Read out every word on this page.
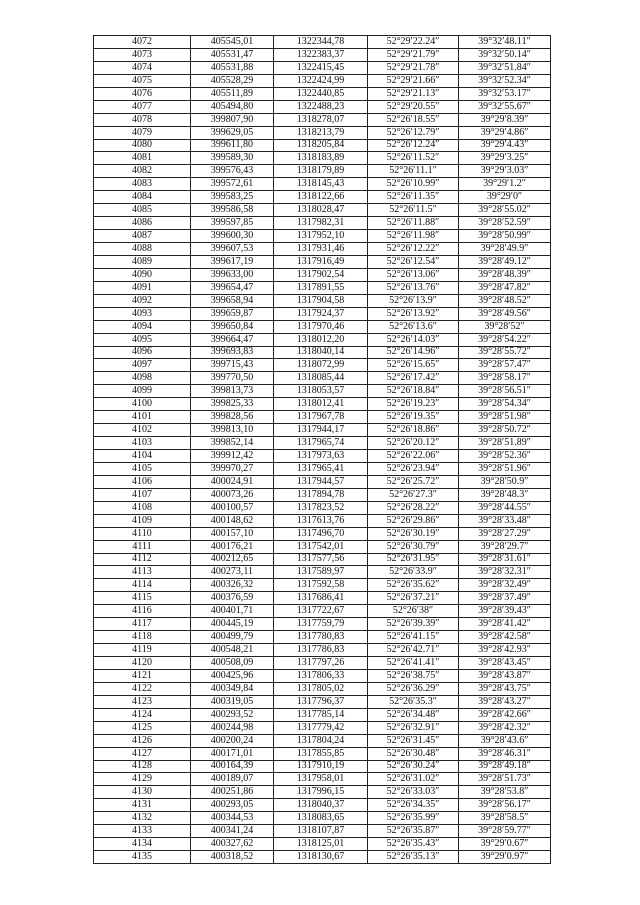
4072	405545,01	1322344,78	52°29′22.24″	39°32′48.11″
4073	405531,47	1322383,37	52°29′21.79″	39°32′50.14″
4074	405531,88	1322415,45	52°29′21.78″	39°32′51.84″
4075	405528,29	1322424,99	52°29′21.66″	39°32′52.34″
4076	405511,89	1322440,85	52°29′21.13″	39°32′53.17″
4077	405494,80	1322488,23	52°29′20.55″	39°32′55.67″
4078	399807,90	1318278,07	52°26′18.55″	39°29′8.39″
4079	399629,05	1318213,79	52°26′12.79″	39°29′4.86″
4080	399611,80	1318205,84	52°26′12.24″	39°29′4.43″
4081	399589,30	1318183,89	52°26′11.52″	39°29′3.25″
4082	399576,43	1318179,89	52°26′11.1″	39°29′3.03″
4083	399572,61	1318145,43	52°26′10.99″	39°29′1.2″
4084	399583,25	1318122,66	52°26′11.35″	39°29′0″
4085	399586,58	1318028,47	52°26′11.5″	39°28′55.02″
4086	399597,85	1317982,31	52°26′11.88″	39°28′52.59″
4087	399600,30	1317952,10	52°26′11.98″	39°28′50.99″
4088	399607,53	1317931,46	52°26′12.22″	39°28′49.9″
4089	399617,19	1317916,49	52°26′12.54″	39°28′49.12″
4090	399633,00	1317902,54	52°26′13.06″	39°28′48.39″
4091	399654,47	1317891,55	52°26′13.76″	39°28′47.82″
4092	399658,94	1317904,58	52°26′13.9″	39°28′48.52″
4093	399659,87	1317924,37	52°26′13.92″	39°28′49.56″
4094	399650,84	1317970,46	52°26′13.6″	39°28′52″
4095	399664,47	1318012,20	52°26′14.03″	39°28′54.22″
4096	399693,83	1318040,14	52°26′14.96″	39°28′55.72″
4097	399715,43	1318072,99	52°26′15.65″	39°28′57.47″
4098	399770,50	1318085,44	52°26′17.42″	39°28′58.17″
4099	399813,73	1318053,57	52°26′18.84″	39°28′56.51″
4100	399825,33	1318012,41	52°26′19.23″	39°28′54.34″
4101	399828,56	1317967,78	52°26′19.35″	39°28′51.98″
4102	399813,10	1317944,17	52°26′18.86″	39°28′50.72″
4103	399852,14	1317965,74	52°26′20.12″	39°28′51.89″
4104	399912,42	1317973,63	52°26′22.06″	39°28′52.36″
4105	399970,27	1317965,41	52°26′23.94″	39°28′51.96″
4106	400024,91	1317944,57	52°26′25.72″	39°28′50.9″
4107	400073,26	1317894,78	52°26′27.3″	39°28′48.3″
4108	400100,57	1317823,52	52°26′28.22″	39°28′44.55″
4109	400148,62	1317613,76	52°26′29.86″	39°28′33.48″
4110	400157,10	1317496,70	52°26′30.19″	39°28′27.29″
4111	400176,21	1317542,01	52°26′30.79″	39°28′29.7″
4112	400212,65	1317577,56	52°26′31.95″	39°28′31.61″
4113	400273,11	1317589,97	52°26′33.9″	39°28′32.31″
4114	400326,32	1317592,58	52°26′35.62″	39°28′32.49″
4115	400376,59	1317686,41	52°26′37.21″	39°28′37.49″
4116	400401,71	1317722,67	52°26′38″	39°28′39.43″
4117	400445,19	1317759,79	52°26′39.39″	39°28′41.42″
4118	400499,79	1317780,83	52°26′41.15″	39°28′42.58″
4119	400548,21	1317786,83	52°26′42.71″	39°28′42.93″
4120	400508,09	1317797,26	52°26′41.41″	39°28′43.45″
4121	400425,96	1317806,33	52°26′38.75″	39°28′43.87″
4122	400349,84	1317805,02	52°26′36.29″	39°28′43.75″
4123	400319,05	1317796,37	52°26′35.3″	39°28′43.27″
4124	400293,52	1317785,14	52°26′34.48″	39°28′42.66″
4125	400244,98	1317779,42	52°26′32.91″	39°28′42.32″
4126	400200,24	1317804,24	52°26′31.45″	39°28′43.6″
4127	400171,01	1317855,85	52°26′30.48″	39°28′46.31″
4128	400164,39	1317910,19	52°26′30.24″	39°28′49.18″
4129	400189,07	1317958,01	52°26′31.02″	39°28′51.73″
4130	400251,86	1317996,15	52°26′33.03″	39°28′53.8″
4131	400293,05	1318040,37	52°26′34.35″	39°28′56.17″
4132	400344,53	1318083,65	52°26′35.99″	39°28′58.5″
4133	400341,24	1318107,87	52°26′35.87″	39°28′59.77″
4134	400327,62	1318125,01	52°26′35.43″	39°29′0.67″
4135	400318,52	1318130,67	52°26′35.13″	39°29′0.97″
